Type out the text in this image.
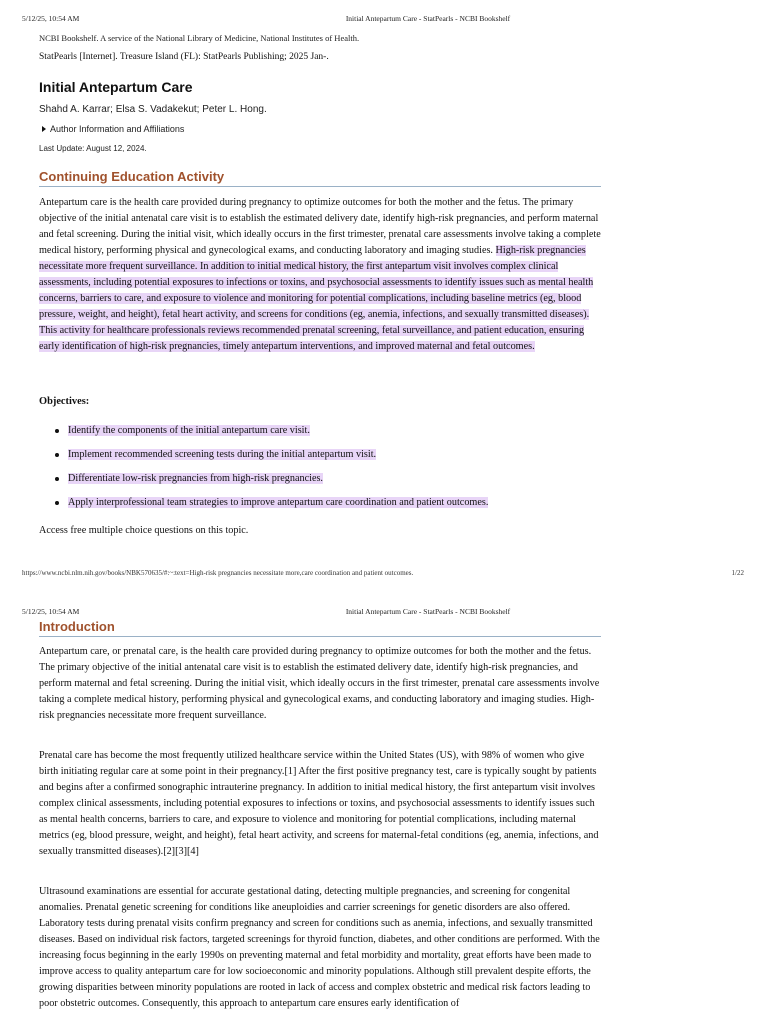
5/12/25, 10:54 AM	Initial Antepartum Care - StatPearls - NCBI Bookshelf
NCBI Bookshelf. A service of the National Library of Medicine, National Institutes of Health.
StatPearls [Internet]. Treasure Island (FL): StatPearls Publishing; 2025 Jan-.
Initial Antepartum Care
Shahd A. Karrar; Elsa S. Vadakekut; Peter L. Hong.
Author Information and Affiliations
Last Update: August 12, 2024.
Continuing Education Activity
Antepartum care is the health care provided during pregnancy to optimize outcomes for both the mother and the fetus. The primary objective of the initial antenatal care visit is to establish the estimated delivery date, identify high-risk pregnancies, and perform maternal and fetal screening. During the initial visit, which ideally occurs in the first trimester, prenatal care assessments involve taking a complete medical history, performing physical and gynecological exams, and conducting laboratory and imaging studies. High-risk pregnancies necessitate more frequent surveillance. In addition to initial medical history, the first antepartum visit involves complex clinical assessments, including potential exposures to infections or toxins, and psychosocial assessments to identify issues such as mental health concerns, barriers to care, and exposure to violence and monitoring for potential complications, including baseline metrics (eg, blood pressure, weight, and height), fetal heart activity, and screens for conditions (eg, anemia, infections, and sexually transmitted diseases). This activity for healthcare professionals reviews recommended prenatal screening, fetal surveillance, and patient education, ensuring early identification of high-risk pregnancies, timely antepartum interventions, and improved maternal and fetal outcomes.
Objectives:
Identify the components of the initial antepartum care visit.
Implement recommended screening tests during the initial antepartum visit.
Differentiate low-risk pregnancies from high-risk pregnancies.
Apply interprofessional team strategies to improve antepartum care coordination and patient outcomes.
Access free multiple choice questions on this topic.
https://www.ncbi.nlm.nih.gov/books/NBK570635/#:~:text=High-risk pregnancies necessitate more,care coordination and patient outcomes.	1/22
5/12/25, 10:54 AM	Initial Antepartum Care - StatPearls - NCBI Bookshelf
Introduction
Antepartum care, or prenatal care, is the health care provided during pregnancy to optimize outcomes for both the mother and the fetus. The primary objective of the initial antenatal care visit is to establish the estimated delivery date, identify high-risk pregnancies, and perform maternal and fetal screening. During the initial visit, which ideally occurs in the first trimester, prenatal care assessments involve taking a complete medical history, performing physical and gynecological exams, and conducting laboratory and imaging studies. High-risk pregnancies necessitate more frequent surveillance.
Prenatal care has become the most frequently utilized healthcare service within the United States (US), with 98% of women who give birth initiating regular care at some point in their pregnancy.[1] After the first positive pregnancy test, care is typically sought by patients and begins after a confirmed sonographic intrauterine pregnancy. In addition to initial medical history, the first antepartum visit involves complex clinical assessments, including potential exposures to infections or toxins, and psychosocial assessments to identify issues such as mental health concerns, barriers to care, and exposure to violence and monitoring for potential complications, including maternal metrics (eg, blood pressure, weight, and height), fetal heart activity, and screens for maternal-fetal conditions (eg, anemia, infections, and sexually transmitted diseases).[2][3][4]
Ultrasound examinations are essential for accurate gestational dating, detecting multiple pregnancies, and screening for congenital anomalies. Prenatal genetic screening for conditions like aneuploidies and carrier screenings for genetic disorders are also offered. Laboratory tests during prenatal visits confirm pregnancy and screen for conditions such as anemia, infections, and sexually transmitted diseases. Based on individual risk factors, targeted screenings for thyroid function, diabetes, and other conditions are performed. With the increasing focus beginning in the early 1990s on preventing maternal and fetal morbidity and mortality, great efforts have been made to improve access to quality antepartum care for low socioeconomic and minority populations. Although still prevalent despite efforts, the growing disparities between minority populations are rooted in lack of access and complex obstetric and medical risk factors leading to poor obstetric outcomes. Consequently, this approach to antepartum care ensures early identification of
